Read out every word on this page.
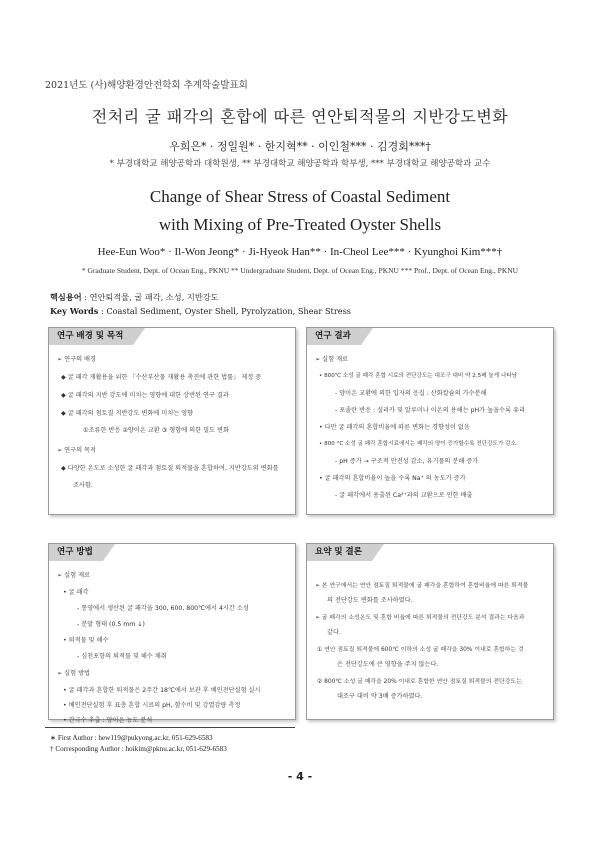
2021년도 (사)해양환경안전학회 추계학술발표회
전처리 굴 패각의 혼합에 따른 연안퇴적물의 지반강도변화
우희은* · 정일원* · 한지혁** · 이인철*** · 김경회***†
* 부경대학교 해양공학과 대학원생, ** 부경대학교 해양공학과 학부생, *** 부경대학교 해양공학과 교수
Change of Shear Stress of Coastal Sediment
with Mixing of Pre-Treated Oyster Shells
Hee-Eun Woo* · Il-Won Jeong* · Ji-Hyeok Han** · In-Cheol Lee*** · Kyunghoi Kim***†
* Graduate Student, Dept. of Ocean Eng., PKNU ** Undergraduate Student, Dept. of Ocean Eng., PKNU *** Prof., Dept. of Ocean Eng., PKNU
핵심용어 : 연안퇴적물, 굴 패각, 소성, 지반강도
Key Words : Coastal Sediment, Oyster Shell, Pyrolyzation, Shear Stress
연구 배경 및 목적
➢ 연구의 배경
◆ 굴 패각 재활용을 위한 『수산부산물 재활용 촉진에 관한 법률』 제정 중
◆ 굴 패각의 지반 강도에 미치는 영향에 대한 상반된 연구 결과
◆ 굴 패각의 첨토질 지반강도 변화에 미치는 영향
①조류한 반응 ②양이온 교환 ③ 형함에 의한 밀도 변화
➢ 연구의 목적
◆ 다양한 온도로 소성한 굴 패각과 첨토질 퇴적물을 혼합하여, 지반강도의 변화를
조사함.
연구 결과
➢ 실험 재료
• 800℃ 소성 굴 패각 혼합 시료의 전단강도는 대조구 대비 약 2.5배 높게 나타남
- 양이온 교환에 의한 입자의 응집 : 산화칼슘의 가수분해
- 포졸란 반응 : 실리카 및 알루미나 이온의 용해는 pH가 높을수록 유리
• 다만 굴 패각의 혼합비율에 따른 변화는 경향성이 없음
• 800 °C 소성 굴 패각 혼합시료에서는 패각의 양이 증가할수록 전단강도가 감소.
- pH 증가 → 구조적 안전성 감소, 유기물의 분해 증가
• 굴 패각의 혼합비율이 높을 수록 Na⁺ 의 농도가 증가
- 굴 패각에서 용출된 Ca²⁺과의 교환으로 인한 배출
연구 방법
➢ 실험 재료
• 굴 패각
- 통영에서 생산된 굴 패각을 300, 600, 800℃에서 4시간 소성
- 분말 형태 (0.5 mm ↓)
• 퇴적물 및 해수
- 심천포항의 퇴적물 및 해수 채취
➢ 실험 방법
• 굴 패각과 혼합한 퇴적물은 2주간 18℃에서 보관 후 베인전단실험 실시
• 베인전단실험 후 표층 혼합 시료의 pH, 함수비 및 강열감량 측정
• 간극수 추출 : 양이온 농도 분석
요약 및 결론
➢ 본 연구에서는 연안 점토질 퇴적물에 굴 패각을 혼합하여 혼합비율에 따른 퇴적물
의 전단강도 변화를 조사하였다.
➢ 굴 패각의 소성온도 및 혼합 비율에 따른 퇴적물의 전단강도 분석 결과는 다음과
같다.
① 연안 점토질 퇴적물에 600℃ 이하의 소성 굴 패각을 30% 이내로 혼합하는 것
은 전단강도에 큰 영향을 주지 않는다.
② 800℃ 소성 굴 패각을 20% 이내로 혼합한 연안 점토질 퇴적물의 전단강도는
대조구 대비 약 3배 증가하였다.
∗ First Author : hew119@pukyong.ac.kr, 051-629-6583
† Corresponding Author : hoikim@pknu.ac.kr, 051-629-6583
- 4 -
